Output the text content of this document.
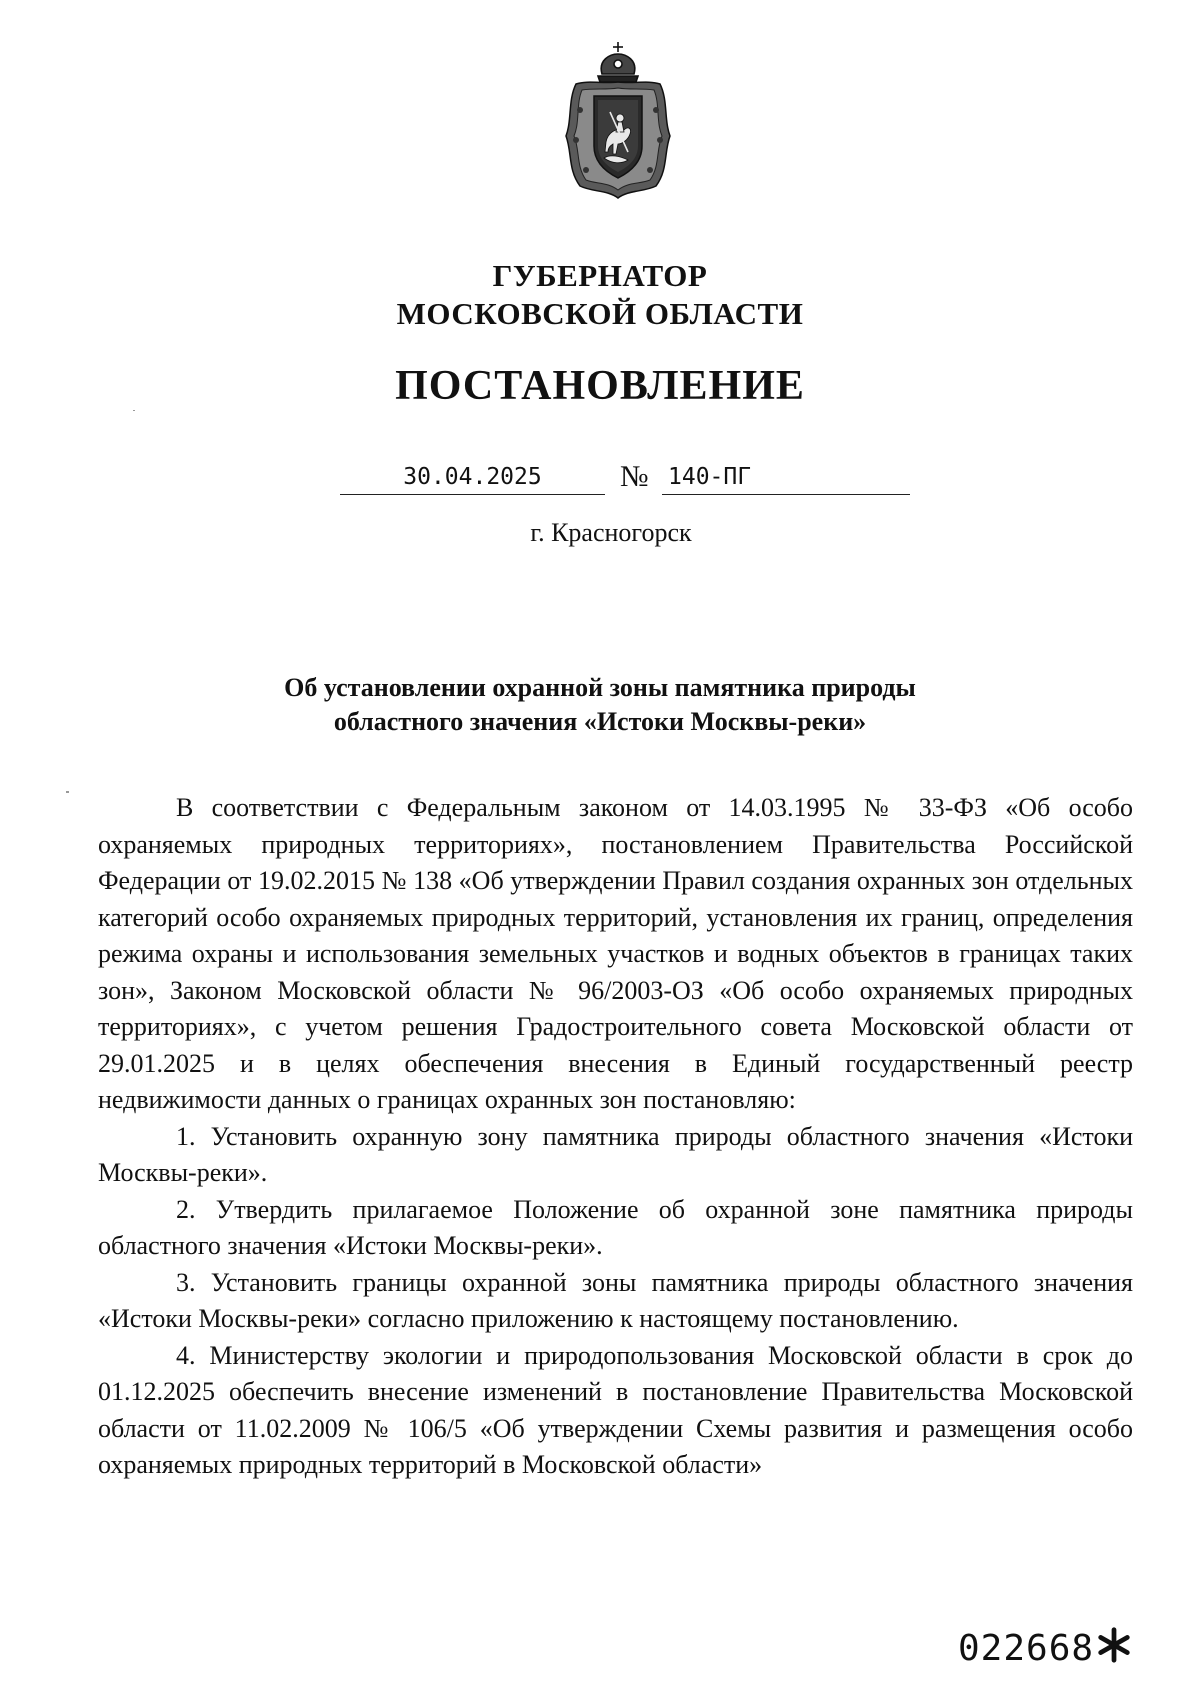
ГУБЕРНАТОР
МОСКОВСКОЙ ОБЛАСТИ
ПОСТАНОВЛЕНИЕ
30.04.2025	№ 140-ПГ
г. Красногорск
Об установлении охранной зоны памятника природы
областного значения «Истоки Москвы-реки»

В соответствии с Федеральным законом от 14.03.1995 № 33-ФЗ «Об особо охраняемых природных территориях», постановлением Правительства Российской Федерации от 19.02.2015 № 138 «Об утверждении Правил создания охранных зон отдельных категорий особо охраняемых природных территорий, установления их границ, определения режима охраны и использования земельных участков и водных объектов в границах таких зон», Законом Московской области № 96/2003-ОЗ «Об особо охраняемых природных территориях», с учетом решения Градостроительного совета Московской области от 29.01.2025 и в целях обеспечения внесения в Единый государственный реестр недвижимости данных о границах охранных зон постановляю:

1. Установить охранную зону памятника природы областного значения «Истоки Москвы-реки».

2. Утвердить прилагаемое Положение об охранной зоне памятника природы областного значения «Истоки Москвы-реки».

3. Установить границы охранной зоны памятника природы областного значения «Истоки Москвы-реки» согласно приложению к настоящему постановлению.

4. Министерству экологии и природопользования Московской области в срок до 01.12.2025 обеспечить внесение изменений в постановление Правительства Московской области от 11.02.2009 № 106/5 «Об утверждении Схемы развития и размещения особо охраняемых природных территорий в Московской области»

022668
